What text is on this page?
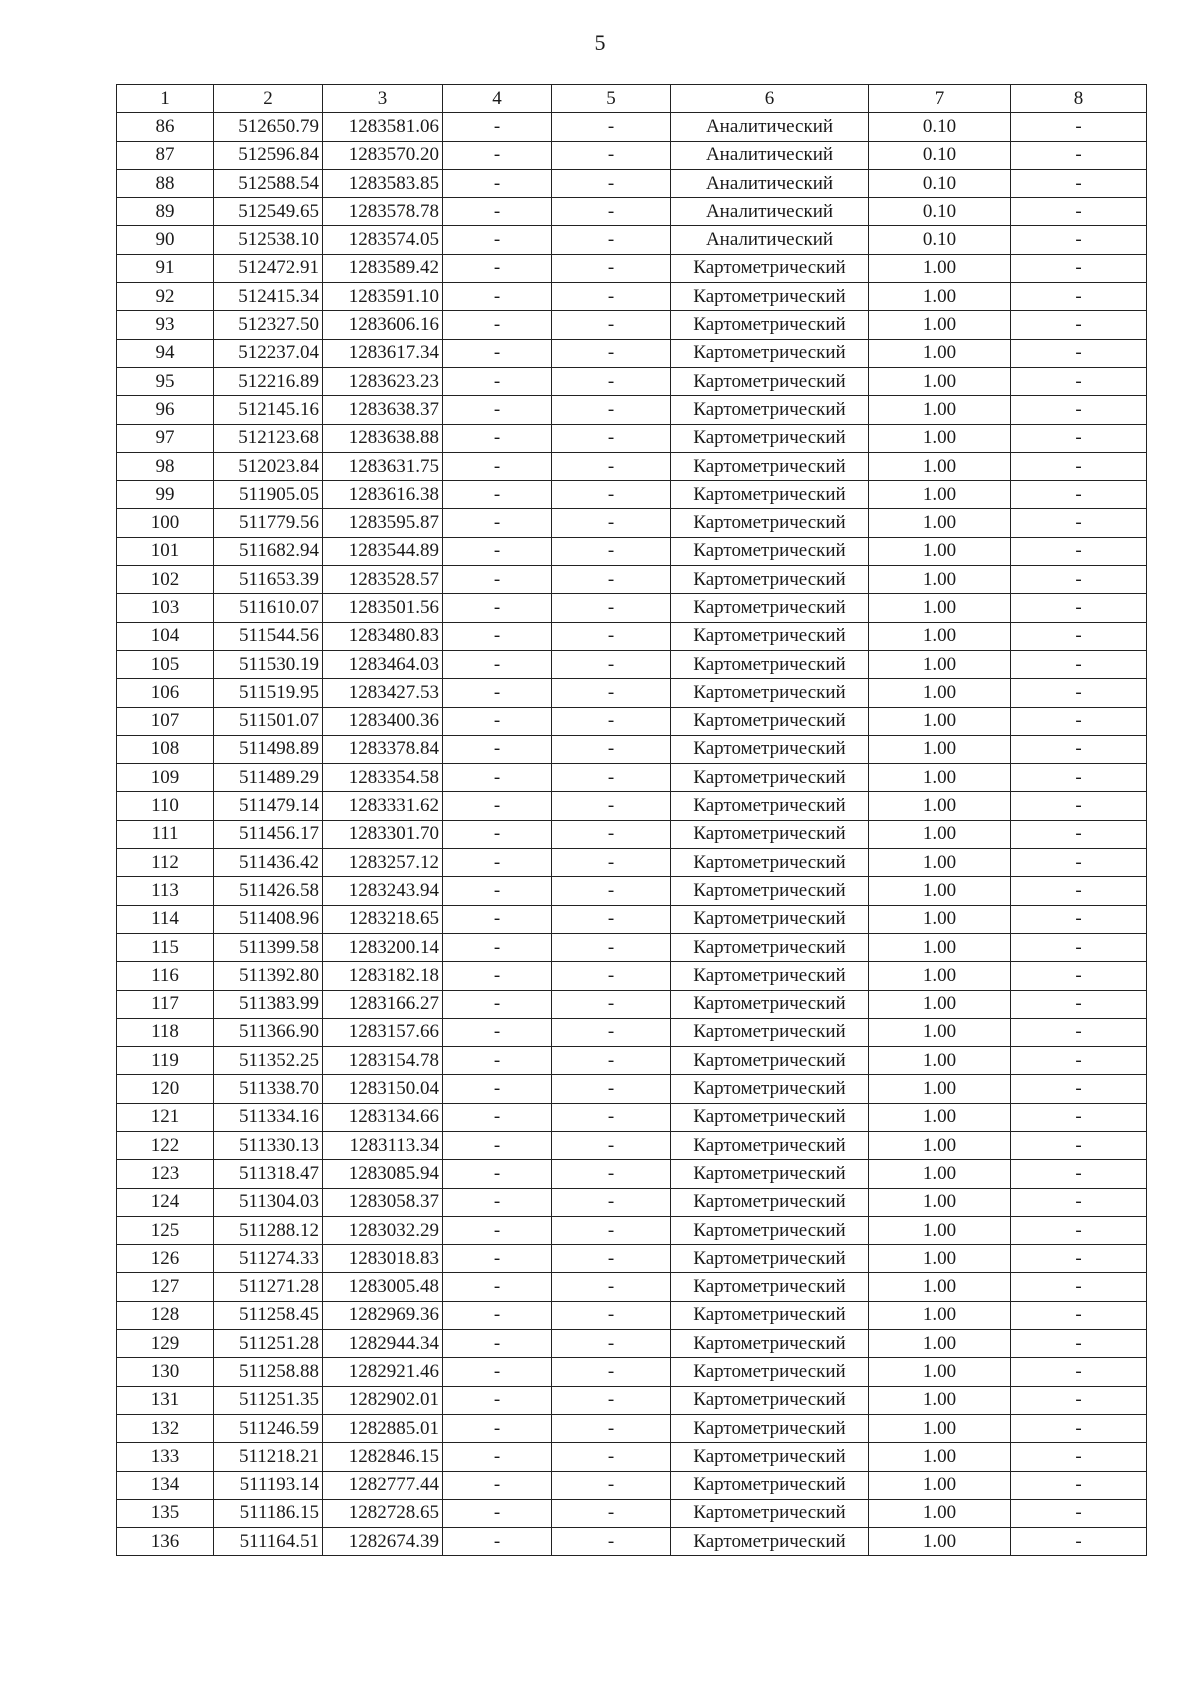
5
1	2	3	4	5	6	7	8
86	512650.79	1283581.06	-	-	Аналитический	0.10	-
87	512596.84	1283570.20	-	-	Аналитический	0.10	-
88	512588.54	1283583.85	-	-	Аналитический	0.10	-
89	512549.65	1283578.78	-	-	Аналитический	0.10	-
90	512538.10	1283574.05	-	-	Аналитический	0.10	-
91	512472.91	1283589.42	-	-	Картометрический	1.00	-
92	512415.34	1283591.10	-	-	Картометрический	1.00	-
93	512327.50	1283606.16	-	-	Картометрический	1.00	-
94	512237.04	1283617.34	-	-	Картометрический	1.00	-
95	512216.89	1283623.23	-	-	Картометрический	1.00	-
96	512145.16	1283638.37	-	-	Картометрический	1.00	-
97	512123.68	1283638.88	-	-	Картометрический	1.00	-
98	512023.84	1283631.75	-	-	Картометрический	1.00	-
99	511905.05	1283616.38	-	-	Картометрический	1.00	-
100	511779.56	1283595.87	-	-	Картометрический	1.00	-
101	511682.94	1283544.89	-	-	Картометрический	1.00	-
102	511653.39	1283528.57	-	-	Картометрический	1.00	-
103	511610.07	1283501.56	-	-	Картометрический	1.00	-
104	511544.56	1283480.83	-	-	Картометрический	1.00	-
105	511530.19	1283464.03	-	-	Картометрический	1.00	-
106	511519.95	1283427.53	-	-	Картометрический	1.00	-
107	511501.07	1283400.36	-	-	Картометрический	1.00	-
108	511498.89	1283378.84	-	-	Картометрический	1.00	-
109	511489.29	1283354.58	-	-	Картометрический	1.00	-
110	511479.14	1283331.62	-	-	Картометрический	1.00	-
111	511456.17	1283301.70	-	-	Картометрический	1.00	-
112	511436.42	1283257.12	-	-	Картометрический	1.00	-
113	511426.58	1283243.94	-	-	Картометрический	1.00	-
114	511408.96	1283218.65	-	-	Картометрический	1.00	-
115	511399.58	1283200.14	-	-	Картометрический	1.00	-
116	511392.80	1283182.18	-	-	Картометрический	1.00	-
117	511383.99	1283166.27	-	-	Картометрический	1.00	-
118	511366.90	1283157.66	-	-	Картометрический	1.00	-
119	511352.25	1283154.78	-	-	Картометрический	1.00	-
120	511338.70	1283150.04	-	-	Картометрический	1.00	-
121	511334.16	1283134.66	-	-	Картометрический	1.00	-
122	511330.13	1283113.34	-	-	Картометрический	1.00	-
123	511318.47	1283085.94	-	-	Картометрический	1.00	-
124	511304.03	1283058.37	-	-	Картометрический	1.00	-
125	511288.12	1283032.29	-	-	Картометрический	1.00	-
126	511274.33	1283018.83	-	-	Картометрический	1.00	-
127	511271.28	1283005.48	-	-	Картометрический	1.00	-
128	511258.45	1282969.36	-	-	Картометрический	1.00	-
129	511251.28	1282944.34	-	-	Картометрический	1.00	-
130	511258.88	1282921.46	-	-	Картометрический	1.00	-
131	511251.35	1282902.01	-	-	Картометрический	1.00	-
132	511246.59	1282885.01	-	-	Картометрический	1.00	-
133	511218.21	1282846.15	-	-	Картометрический	1.00	-
134	511193.14	1282777.44	-	-	Картометрический	1.00	-
135	511186.15	1282728.65	-	-	Картометрический	1.00	-
136	511164.51	1282674.39	-	-	Картометрический	1.00	-
